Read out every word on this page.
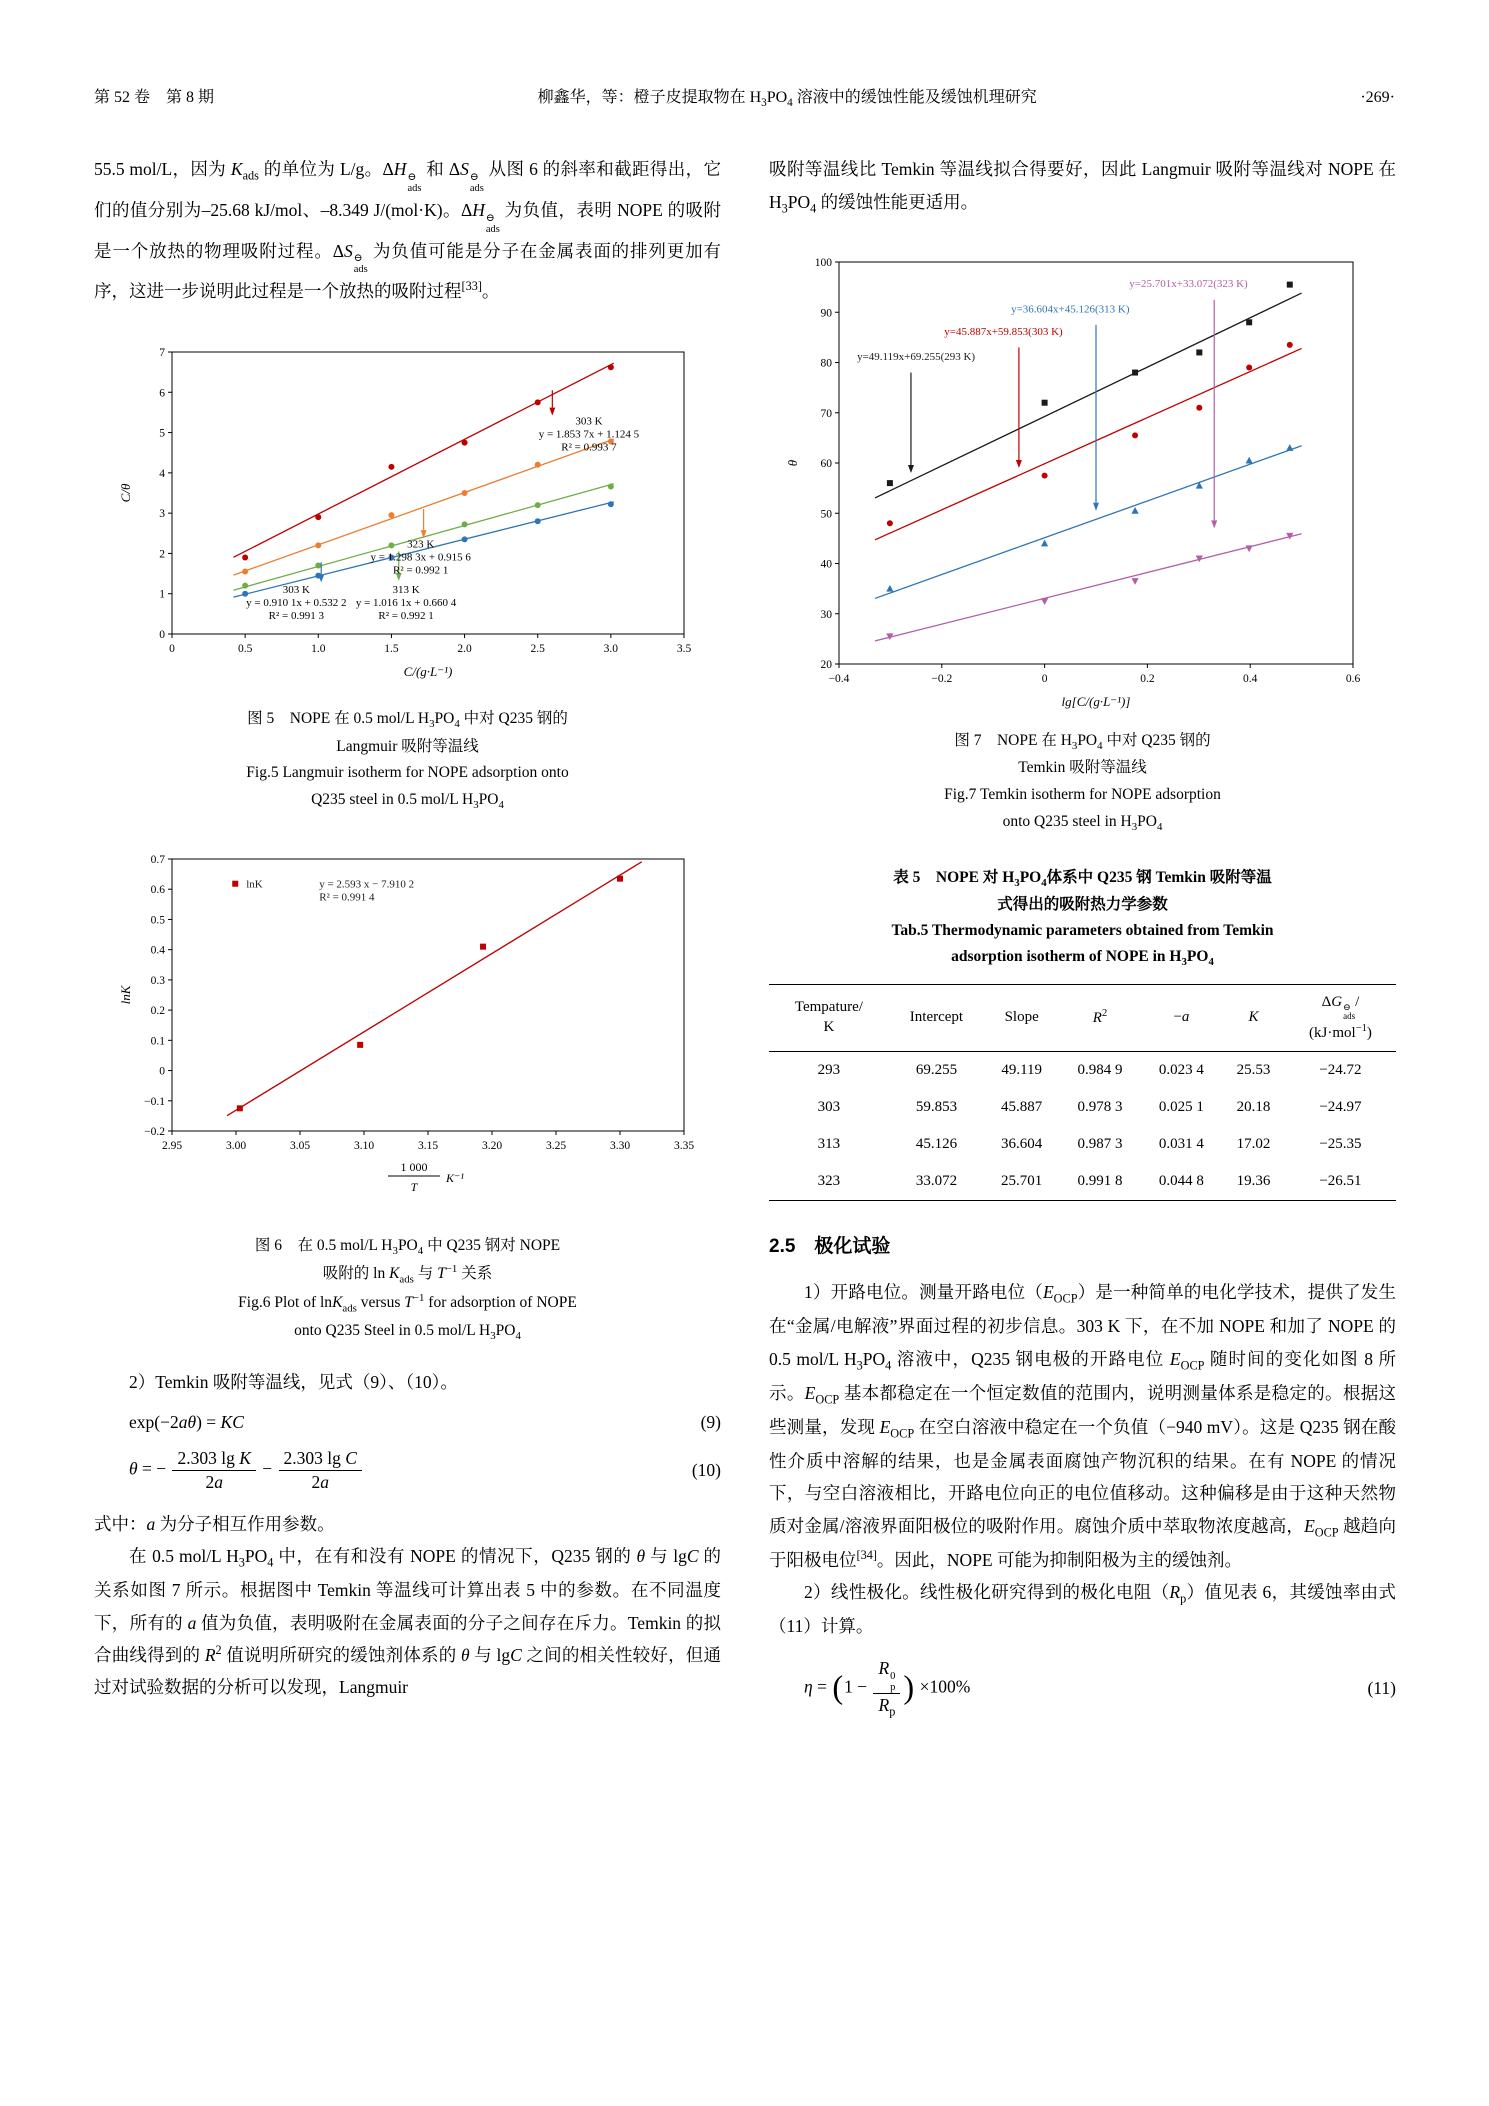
第 52 卷　第 8 期	柳鑫华，等：橙子皮提取物在 $H_3PO_4$ 溶液中的缓蚀性能及缓蚀机理研究	·269·

55.5 mol/L，因为 $K_{ads}$ 的单位为 L/g。ΔH ⊖
ads
和 ΔS ⊖
ads
从图 6 的斜率和截距得出，它们的值分别为–25.68 kJ/mol、–8.349 J/(mol·K)。ΔH ⊖
ads
为负值，表明 NOPE 的吸附是一个放热的物理吸附过程。ΔS ⊖
ads
为负值可能是分子在金属表面的排列更加有序，这进一步说明此过程是一个放热的吸附过程[33]。

0	0.5	1.0	1.5	2.0	2.5	3.0	3.5
0
1
2
3
4
5
6
7
C/(g·L⁻¹)
C/θ
303 K
y = 1.853 7x + 1.124 5
R² = 0.993 7
323 K
y = 1.298 3x + 0.915 6
R² = 0.992 1
303 K
y = 0.910 1x + 0.532 2
R² = 0.991 3
313 K
y = 1.016 1x + 0.660 4
R² = 0.992 1
图 5　NOPE 在 0.5 mol/L $H_3PO_4$ 中对 Q235 钢的
Langmuir 吸附等温线
Fig.5 Langmuir isotherm for NOPE adsorption onto
Q235 steel in 0.5 mol/L $H_3PO_4$
2.95	3.00	3.05	3.10	3.15	3.20	3.25	3.30	3.35
−0.2
−0.1
0
0.1
0.2
0.3
0.4
0.5
0.6
0.7
1 000
T
K⁻¹
lnK
lnK	y = 2.593 x − 7.910 2
R² = 0.991 4
图 6　在 0.5 mol/L $H_3PO_4$ 中 Q235 钢对 NOPE
吸附的 $\ln K_{ads}$ 与 $T^{-1}$ 关系
Fig.6 Plot of lnK$_{ads}$ versus $T^{-1}$ for adsorption of NOPE
onto Q235 Steel in 0.5 mol/L $H_3PO_4$

2）Temkin 吸附等温线，见式（9）、（10）。

exp(−2aθ) = KC	(9)
θ = − $\frac{\text{2.303 lg K}}{2a} - \frac{\text{2.303 lg C}}{2a}$	(10)

式中：a 为分子相互作用参数。

在 0.5 mol/L $H_3PO_4$ 中，在有和没有 NOPE 的情况下，Q235 钢的 θ 与 lgC 的关系如图 7 所示。根据图中 Temkin 等温线可计算出表 5 中的参数。在不同温度下，所有的 a 值为负值，表明吸附在金属表面的分子之间存在斥力。Temkin 的拟合曲线得到的 $R^2$ 值说明所研究的缓蚀剂体系的 θ 与 lgC 之间的相关性较好，但通过对试验数据的分析可以发现，Langmuir

吸附等温线比 Temkin 等温线拟合得要好，因此 Langmuir 吸附等温线对 NOPE 在 $H_3PO_4$ 的缓蚀性能更适用。

−0.4	−0.2	0	0.2	0.4	0.6
20
30
40
50
60
70
80
90
100
lg[C/(g·L⁻¹)]
θ
y=25.701x+33.072(323 K)
y=36.604x+45.126(313 K)
y=45.887x+59.853(303 K)
y=49.119x+69.255(293 K)
图 7　NOPE 在 $H_3PO_4$ 中对 Q235 钢的
Temkin 吸附等温线
Fig.7 Temkin isotherm for NOPE adsorption
onto Q235 steel in $H_3PO_4$
表 5　NOPE 对 $H_3PO_4$体系中 Q235 钢 Temkin 吸附等温
式得出的吸附热力学参数
Tab.5 Thermodynamic parameters obtained from Temkin
adsorption isotherm of NOPE in $H_3PO_4$
Tempature/
K	Intercept	Slope	$R^2$	−a	K	ΔG ⊖
ads
/
(kJ·mol$^{-1}$)
293	69.255	49.119	0.984 9	0.023 4	25.53	−24.72
303	59.853	45.887	0.978 3	0.025 1	20.18	−24.97
313	45.126	36.604	0.987 3	0.031 4	17.02	−25.35
323	33.072	25.701	0.991 8	0.044 8	19.36	−26.51
2.5　极化试验

1）开路电位。测量开路电位$(E_{OCP})$是一种简单的电化学技术，提供了发生在“金属/电解液”界面过程的初步信息。303 K 下，在不加 NOPE 和加了 NOPE 的 0.5 mol/L $H_3PO_4$ 溶液中，Q235 钢电极的开路电位 $E_{OCP}$ 随时间的变化如图 8 所示。$E_{OCP}$ 基本都稳定在一个恒定数值的范围内，说明测量体系是稳定的。根据这些测量，发现 $E_{OCP}$ 在空白溶液中稳定在一个负值（−940 mV）。这是 Q235 钢在酸性介质中溶解的结果，也是金属表面腐蚀产物沉积的结果。在有 NOPE 的情况下，与空白溶液相比，开路电位向正的电位值移动。这种偏移是由于这种天然物质对金属/溶液界面阳极位的吸附作用。腐蚀介质中萃取物浓度越高，$E_{OCP}$ 越趋向于阳极电位[34]。因此，NOPE 可能为抑制阳极为主的缓蚀剂。

2）线性极化。线性极化研究得到的极化电阻$(R_p)$值见表 6，其缓蚀率由式（11）计算。

η = (1 − R 0
p
$R_p$ ) ×100%	(11)
